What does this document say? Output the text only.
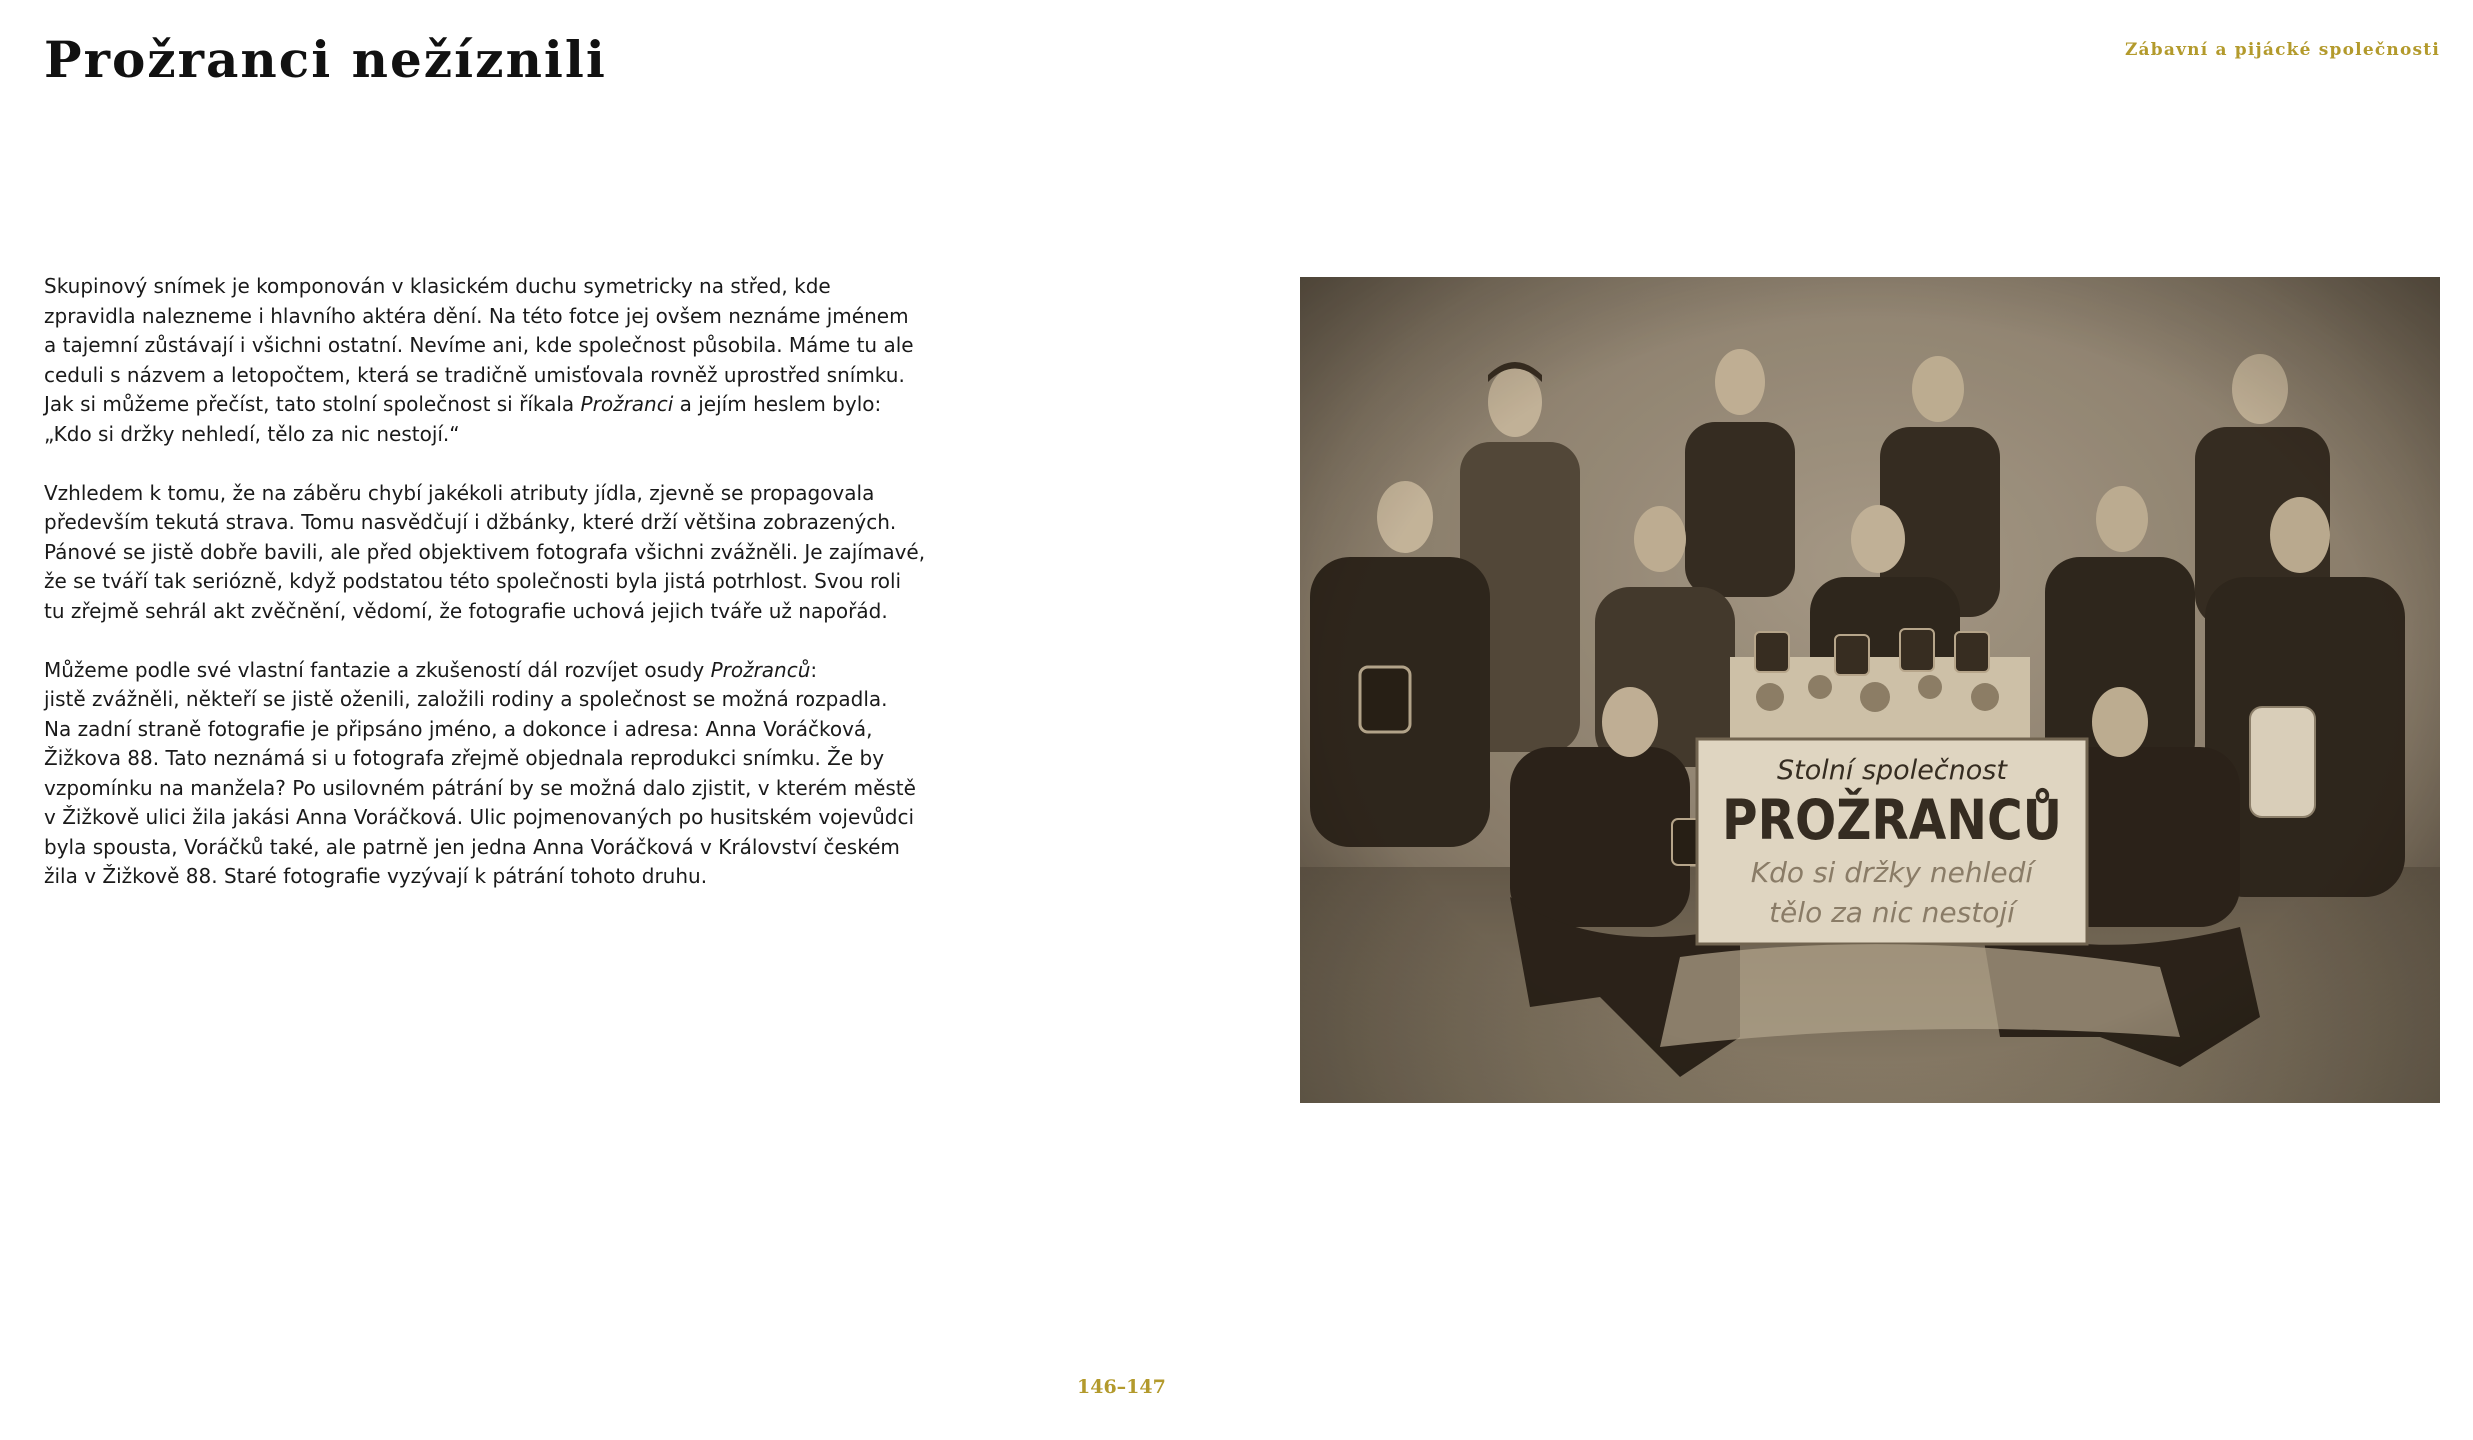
Prožranci nežíznili	Zábavní a pijácké společnosti

Skupinový snímek je komponován v klasickém duchu symetricky na střed, kde
zpravidla nalezneme i hlavního aktéra dění. Na této fotce jej ovšem neznáme jménem
a tajemní zůstávají i všichni ostatní. Nevíme ani, kde společnost působila. Máme tu ale
ceduli s názvem a letopočtem, která se tradičně umisťovala rovněž uprostřed snímku.
Jak si můžeme přečíst, tato stolní společnost si říkala Prožranci a jejím heslem bylo:
„Kdo si držky nehledí, tělo za nic nestojí.“

Vzhledem k tomu, že na záběru chybí jakékoli atributy jídla, zjevně se propagovala
především tekutá strava. Tomu nasvědčují i džbánky, které drží většina zobrazených.
Pánové se jistě dobře bavili, ale před objektivem fotografa všichni zvážněli. Je zajímavé,
že se tváří tak seriózně, když podstatou této společnosti byla jistá potrhlost. Svou roli
tu zřejmě sehrál akt zvěčnění, vědomí, že fotografie uchová jejich tváře už napořád.

Můžeme podle své vlastní fantazie a zkušeností dál rozvíjet osudy Prožranců:
jistě zvážněli, někteří se jistě oženili, založili rodiny a společnost se možná rozpadla.
Na zadní straně fotografie je připsáno jméno, a dokonce i adresa: Anna Voráčková,
Žižkova 88. Tato neznámá si u fotografa zřejmě objednala reprodukci snímku. Že by
vzpomínku na manžela? Po usilovném pátrání by se možná dalo zjistit, v kterém městě
v Žižkově ulici žila jakási Anna Voráčková. Ulic pojmenovaných po husitském vojevůdci
byla spousta, Voráčků také, ale patrně jen jedna Anna Voráčková v Království českém
žila v Žižkově 88. Staré fotografie vyzývají k pátrání tohoto druhu.

146–147
